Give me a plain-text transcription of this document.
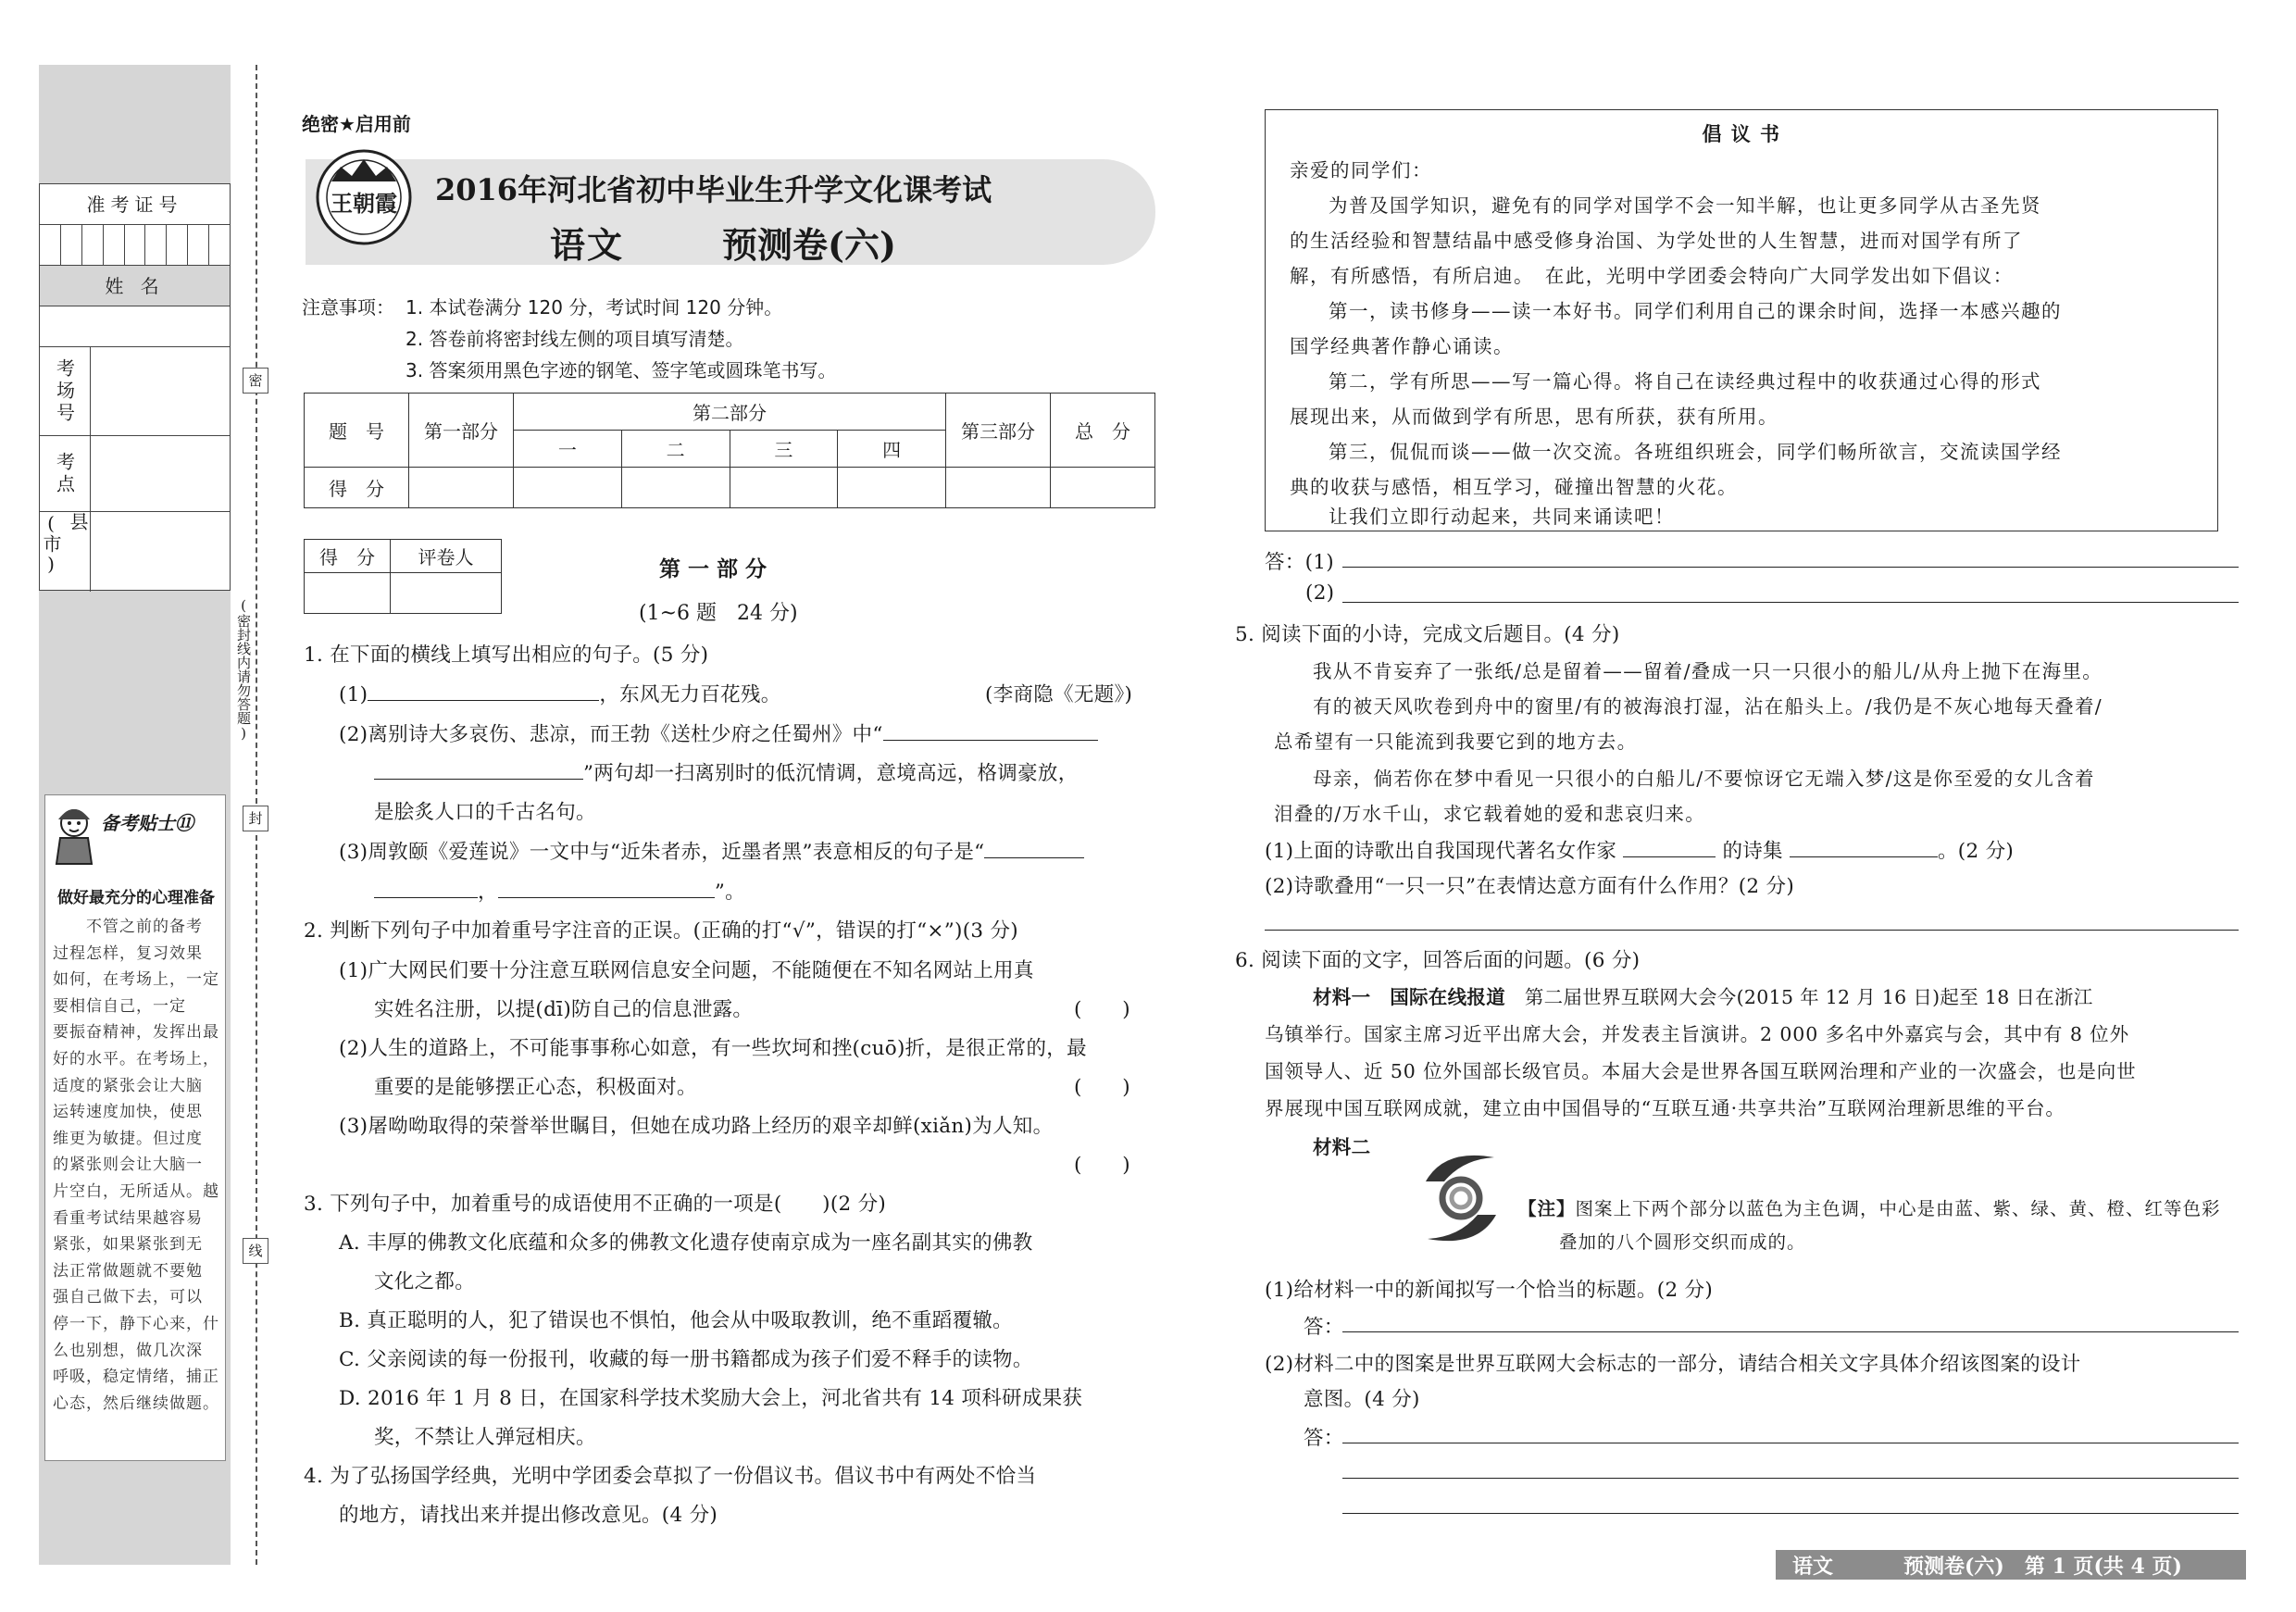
准考证号
姓 名
考场号
考点
县(市)
备考贴士⑪
做好最充分的心理准备
　　不管之前的备考
过程怎样，复习效果
如何，在考场上，一定
要相信自己，一定
要振奋精神，发挥出最
好的水平。在考场上，
适度的紧张会让大脑
运转速度加快，使思
维更为敏捷。但过度
的紧张则会让大脑一
片空白，无所适从。越
看重考试结果越容易
紧张，如果紧张到无
法正常做题就不要勉
强自己做下去，可以
停一下，静下心来，什
么也别想，做几次深
呼吸，稳定情绪，捕正
心态，然后继续做题。
密
封
线
(密封线内请勿答题)
绝密★启用前
王朝霞 2016年河北省初中毕业生升学文化课考试
语文	预测卷(六)
注意事项： 1. 本试卷满分 120 分，考试时间 120 分钟。
2. 答卷前将密封线左侧的项目填写清楚。
3. 答案须用黑色字迹的钢笔、签字笔或圆珠笔书写。
题　号	第一部分	第二部分				第三部分	总　分
		一	二	三	四		
得　分							
得　分	评卷人
		第 一 部 分
(1~6 题　24 分)
1. 在下面的横线上填写出相应的句子。(5 分)
(1)	，东风无力百花残。	(李商隐《无题》)
(2)离别诗大多哀伤、悲凉，而王勃《送杜少府之任蜀州》中“
”两句却一扫离别时的低沉情调，意境高远，格调豪放，
是脍炙人口的千古名句。
(3)周敦颐《爱莲说》一文中与“近朱者赤，近墨者黑”表意相反的句子是“
，	”。
2. 判断下列句子中加着重号字注音的正误。(正确的打“√”，错误的打“×”)(3 分)
(1)广大网民们要十分注意互联网信息安全问题，不能随便在不知名网站上用真
实姓名注册，以提(dī)防自己的信息泄露。	(　　)
(2)人生的道路上，不可能事事称心如意，有一些坎坷和挫(cuō)折，是很正常的，最
重要的是能够摆正心态，积极面对。	(　　)
(3)屠呦呦取得的荣誉举世瞩目，但她在成功路上经历的艰辛却鲜(xiǎn)为人知。
(　　)
3. 下列句子中，加着重号的成语使用不正确的一项是(　　)(2 分)
A. 丰厚的佛教文化底蕴和众多的佛教文化遗存使南京成为一座名副其实的佛教
文化之都。
B. 真正聪明的人，犯了错误也不惧怕，他会从中吸取教训，绝不重蹈覆辙。
C. 父亲阅读的每一份报刊，收藏的每一册书籍都成为孩子们爱不释手的读物。
D. 2016 年 1 月 8 日，在国家科学技术奖励大会上，河北省共有 14 项科研成果获
奖，不禁让人弹冠相庆。
4. 为了弘扬国学经典，光明中学团委会草拟了一份倡议书。倡议书中有两处不恰当
的地方，请找出来并提出修改意见。(4 分)
倡 议 书
亲爱的同学们：
为普及国学知识，避免有的同学对国学不会一知半解，也让更多同学从古圣先贤
的生活经验和智慧结晶中感受修身治国、为学处世的人生智慧，进而对国学有所了
解，有所感悟，有所启迪。　在此，光明中学团委会特向广大同学发出如下倡议：
第一，读书修身——读一本好书。同学们利用自己的课余时间，选择一本感兴趣的
国学经典著作静心诵读。
第二，学有所思——写一篇心得。将自己在读经典过程中的收获通过心得的形式
展现出来，从而做到学有所思，思有所获，获有所用。
第三，侃侃而谈——做一次交流。各班组织班会，同学们畅所欲言，交流读国学经
典的收获与感悟，相互学习，碰撞出智慧的火花。
让我们立即行动起来，共同来诵读吧！
答：(1)
(2)
5. 阅读下面的小诗，完成文后题目。(4 分)
我从不肯妄弃了一张纸/总是留着——留着/叠成一只一只很小的船儿/从舟上抛下在海里。
有的被天风吹卷到舟中的窗里/有的被海浪打湿，沾在船头上。/我仍是不灰心地每天叠着/
总希望有一只能流到我要它到的地方去。
母亲，倘若你在梦中看见一只很小的白船儿/不要惊讶它无端入梦/这是你至爱的女儿含着
泪叠的/万水千山，求它载着她的爱和悲哀归来。
(1)上面的诗歌出自我国现代著名女作家	的诗集	。(2 分)
(2)诗歌叠用“一只一只”在表情达意方面有什么作用？(2 分)
6. 阅读下面的文字，回答后面的问题。(6 分)
材料一　国际在线报道　 第二届世界互联网大会今(2015 年 12 月 16 日)起至 18 日在浙江
乌镇举行。国家主席习近平出席大会，并发表主旨演讲。2 000 多名中外嘉宾与会，其中有 8 位外
国领导人、近 50 位外国部长级官员。本届大会是世界各国互联网治理和产业的一次盛会，也是向世
界展现中国互联网成就，建立由中国倡导的“互联互通·共享共治”互联网治理新思维的平台。
材料二
【注】图案上下两个部分以蓝色为主色调，中心是由蓝、紫、绿、黄、橙、红等色彩
叠加的八个圆形交织而成的。
(1)给材料一中的新闻拟写一个恰当的标题。(2 分)
答：
(2)材料二中的图案是世界互联网大会标志的一部分，请结合相关文字具体介绍该图案的设计
意图。(4 分)
答：
语文	预测卷(六) 第 1 页(共 4 页)
